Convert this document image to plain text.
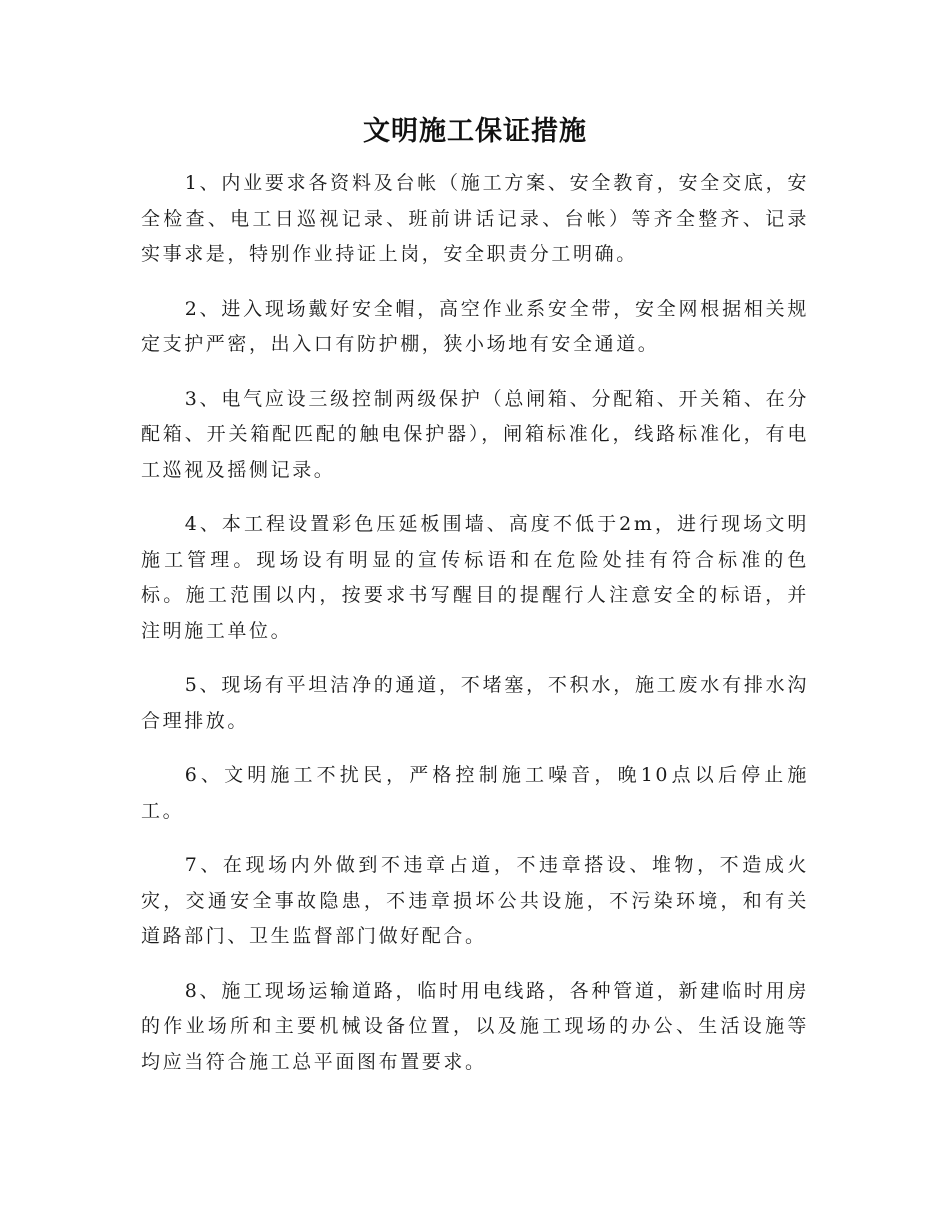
文明施工保证措施

1、内业要求各资料及台帐（施工方案、安全教育，安全交底，安全检查、电工日巡视记录、班前讲话记录、台帐）等齐全整齐、记录实事求是，特别作业持证上岗，安全职责分工明确。

2、进入现场戴好安全帽，高空作业系安全带，安全网根据相关规定支护严密，出入口有防护棚，狭小场地有安全通道。

3、电气应设三级控制两级保护（总闸箱、分配箱、开关箱、在分配箱、开关箱配匹配的触电保护器），闸箱标准化，线路标准化，有电工巡视及摇侧记录。

4、本工程设置彩色压延板围墙、高度不低于2m，进行现场文明施工管理。现场设有明显的宣传标语和在危险处挂有符合标准的色标。施工范围以内，按要求书写醒目的提醒行人注意安全的标语，并注明施工单位。

5、现场有平坦洁净的通道，不堵塞，不积水，施工废水有排水沟合理排放。

6、文明施工不扰民，严格控制施工噪音，晚10点以后停止施工。

7、在现场内外做到不违章占道，不违章搭设、堆物，不造成火灾，交通安全事故隐患，不违章损坏公共设施，不污染环境，和有关道路部门、卫生监督部门做好配合。

8、施工现场运输道路，临时用电线路，各种管道，新建临时用房的作业场所和主要机械设备位置，以及施工现场的办公、生活设施等均应当符合施工总平面图布置要求。
